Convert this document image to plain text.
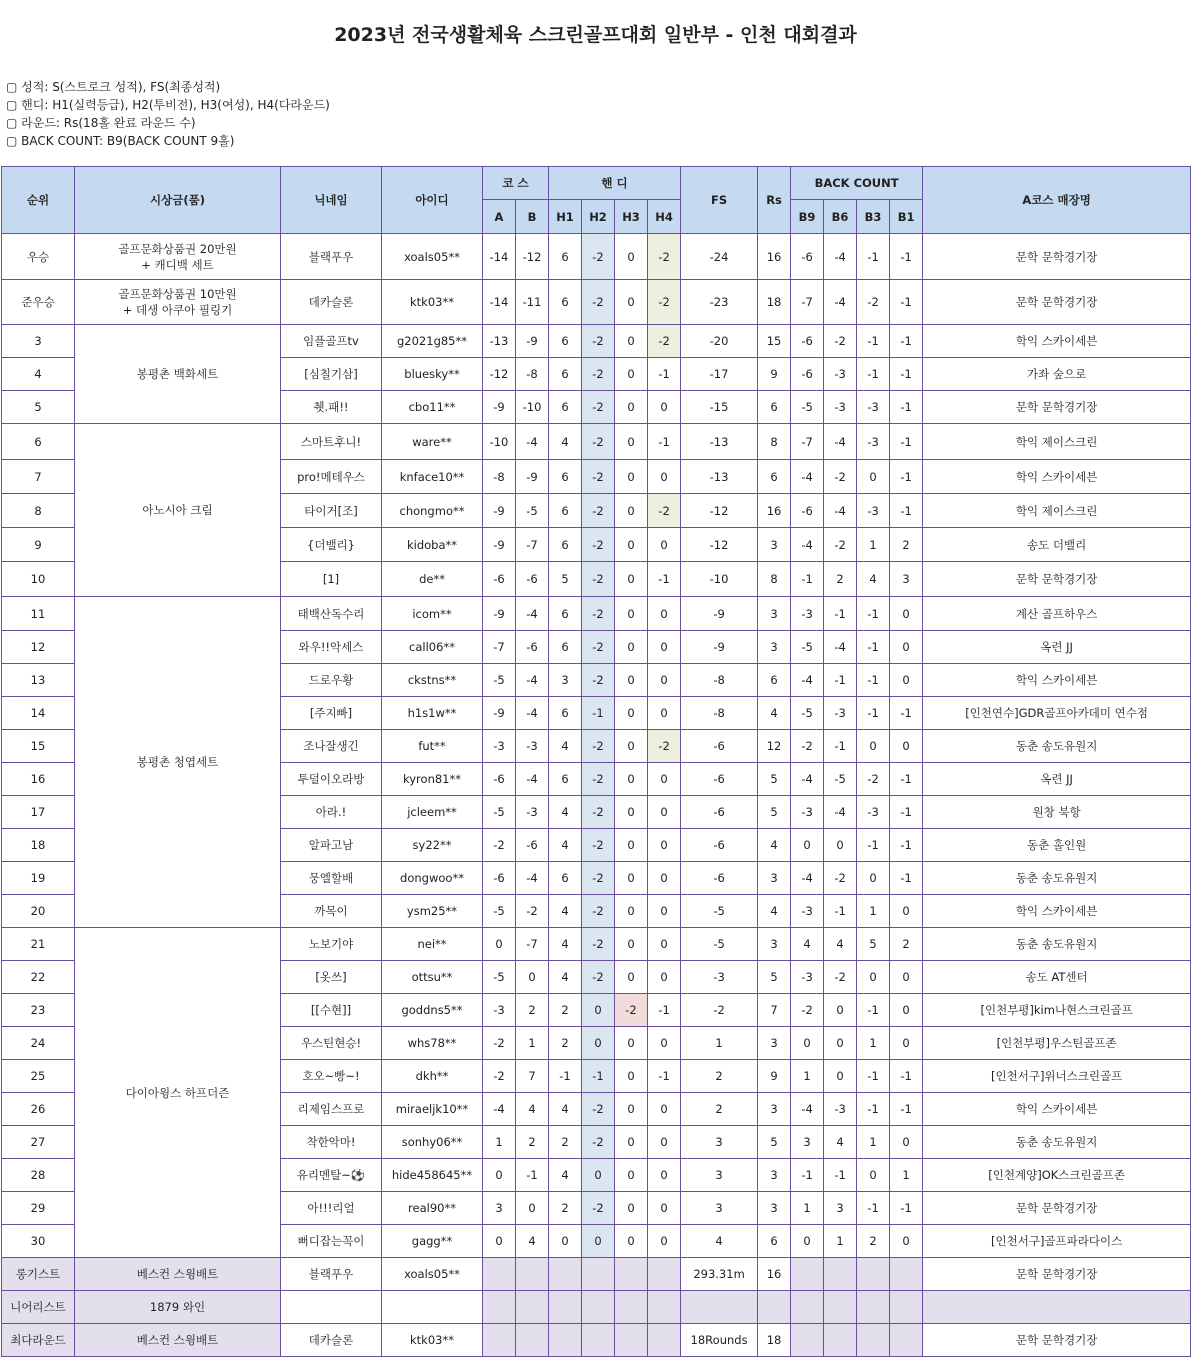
2023년 전국생활체육 스크린골프대회 일반부 - 인천 대회결과
▢ 성적: S(스트로크 성적), FS(최종성적)
▢ 핸디: H1(실력등급), H2(투비전), H3(여성), H4(다라운드)
▢ 라운드: Rs(18홀 완료 라운드 수)
▢ BACK COUNT: B9(BACK COUNT 9홀)
순위	시상금(품)	닉네임	아이디	코 스		핸 디				FS	Rs	BACK COUNT				A코스 매장명
				A	B	H1	H2	H3	H4			B9	B6	B3	B1	
우승	골프문화상품권 20만원
+ 캐디백 세트	블랙푸우	xoals05**	-14	-12	6	-2	0	-2	-24	16	-6	-4	-1	-1	문학 문학경기장
준우승	골프문화상품권 10만원
+ 데생 아쿠아 필링기	데카슬론	ktk03**	-14	-11	6	-2	0	-2	-23	18	-7	-4	-2	-1	문학 문학경기장
3	봉평촌 백화세트	임플골프tv	g2021g85**	-13	-9	6	-2	0	-2	-20	15	-6	-2	-1	-1	학익 스카이세븐
4		[심칠기삼]	bluesky**	-12	-8	6	-2	0	-1	-17	9	-6	-3	-1	-1	가좌 숲으로
5		췟.패!!	cbo11**	-9	-10	6	-2	0	0	-15	6	-5	-3	-3	-1	문학 문학경기장
6	아노시아 크림	스마트후니!	ware**	-10	-4	4	-2	0	-1	-13	8	-7	-4	-3	-1	학익 제이스크린
7		pro!메테우스	knface10**	-8	-9	6	-2	0	0	-13	6	-4	-2	0	-1	학익 스카이세븐
8		타이거[조]	chongmo**	-9	-5	6	-2	0	-2	-12	16	-6	-4	-3	-1	학익 제이스크린
9		{더밸리}	kidoba**	-9	-7	6	-2	0	0	-12	3	-4	-2	1	2	송도 더밸리
10		[1]	de**	-6	-6	5	-2	0	-1	-10	8	-1	2	4	3	문학 문학경기장
11	봉평촌 청엽세트	태백산독수리	icom**	-9	-4	6	-2	0	0	-9	3	-3	-1	-1	0	계산 골프하우스
12		와우!!악세스	call06**	-7	-6	6	-2	0	0	-9	3	-5	-4	-1	0	옥련 JJ
13		드로우황	ckstns**	-5	-4	3	-2	0	0	-8	6	-4	-1	-1	0	학익 스카이세븐
14		[주지빠]	h1s1w**	-9	-4	6	-1	0	0	-8	4	-5	-3	-1	-1	[인천연수]GDR골프아카데미 연수점
15		조나잘생긴	fut**	-3	-3	4	-2	0	-2	-6	12	-2	-1	0	0	동춘 송도유원지
16		투덜이오라방	kyron81**	-6	-4	6	-2	0	0	-6	5	-4	-5	-2	-1	옥련 JJ
17		아라.!	jcleem**	-5	-3	4	-2	0	0	-6	5	-3	-4	-3	-1	원창 북항
18		알파고남	sy22**	-2	-6	4	-2	0	0	-6	4	0	0	-1	-1	동춘 홀인원
19		뭉엘할배	dongwoo**	-6	-4	6	-2	0	0	-6	3	-4	-2	0	-1	동춘 송도유원지
20		까목이	ysm25**	-5	-2	4	-2	0	0	-5	4	-3	-1	1	0	학익 스카이세븐
21	다이아윙스 하프더즌	노보기야	nei**	0	-7	4	-2	0	0	-5	3	4	4	5	2	동춘 송도유원지
22		[옷쓰]	ottsu**	-5	0	4	-2	0	0	-3	5	-3	-2	0	0	송도 AT센터
23		[[수현]]	goddns5**	-3	2	2	0	-2	-1	-2	7	-2	0	-1	0	[인천부평]kim나현스크린골프
24		우스틴현승!	whs78**	-2	1	2	0	0	0	1	3	0	0	1	0	[인천부평]우스틴골프존
25		호오~빵~!	dkh**	-2	7	-1	-1	0	-1	2	9	1	0	-1	-1	[인천서구]위너스크린골프
26		리제임스프로	miraeljk10**	-4	4	4	-2	0	0	2	3	-4	-3	-1	-1	학익 스카이세븐
27		착한악마!	sonhy06**	1	2	2	-2	0	0	3	5	3	4	1	0	동춘 송도유원지
28		유리멘탈~⚽	hide458645**	0	-1	4	0	0	0	3	3	-1	-1	0	1	[인천계양]OK스크린골프존
29		아!!!리얼	real90**	3	0	2	-2	0	0	3	3	1	3	-1	-1	문학 문학경기장
30		뻐디잡는꼭이	gagg**	0	4	0	0	0	0	4	6	0	1	2	0	[인천서구]골프파라다이스
롱기스트	베스컨 스윙배트	블랙푸우	xoals05**							293.31m	16					문학 문학경기장
니어리스트	1879 와인															
최다라운드	베스컨 스윙배트	데카슬론	ktk03**							18Rounds	18					문학 문학경기장
